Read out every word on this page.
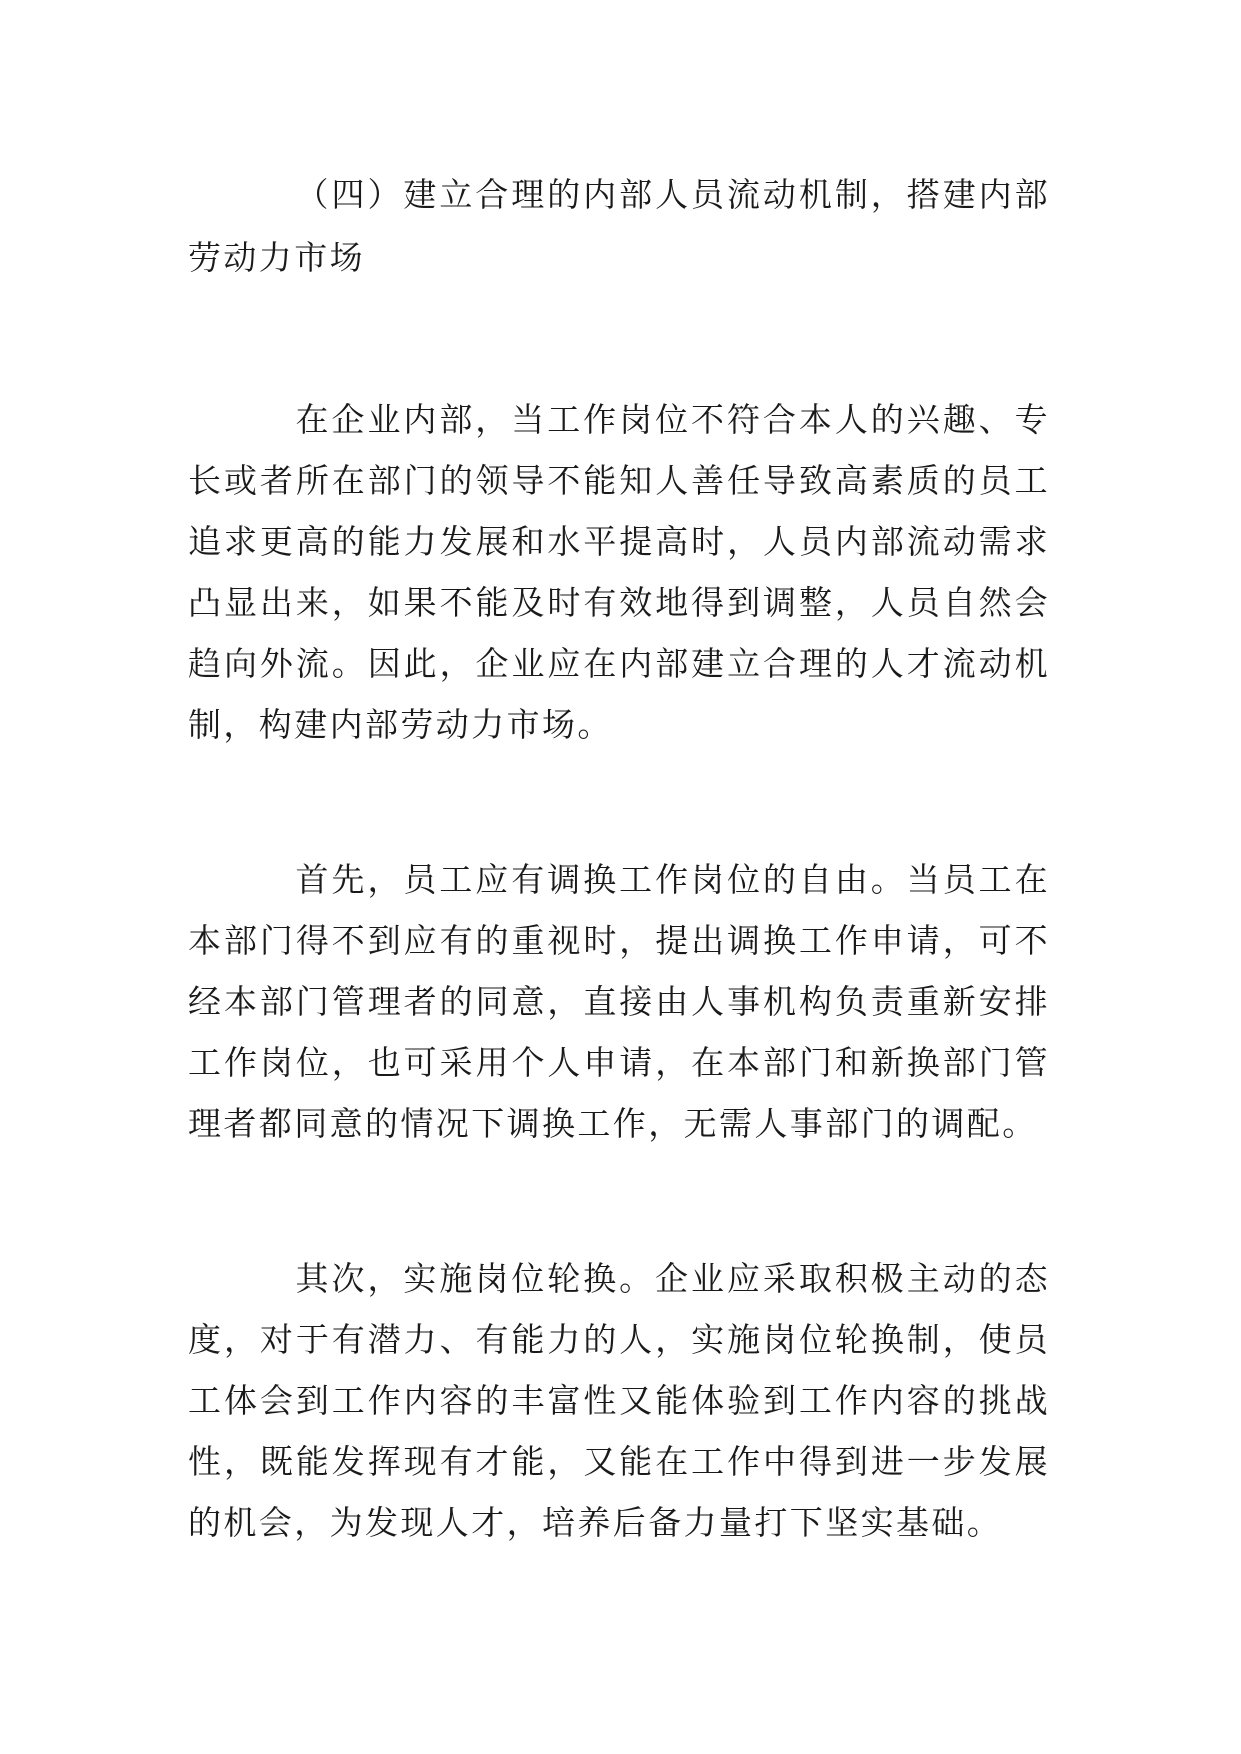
（四）建立合理的内部人员流动机制，搭建内部劳动力市场

在企业内部，当工作岗位不符合本人的兴趣、专长或者所在部门的领导不能知人善任导致高素质的员工追求更高的能力发展和水平提高时，人员内部流动需求凸显出来，如果不能及时有效地得到调整，人员自然会趋向外流。因此，企业应在内部建立合理的人才流动机制，构建内部劳动力市场。

首先，员工应有调换工作岗位的自由。当员工在本部门得不到应有的重视时，提出调换工作申请，可不经本部门管理者的同意，直接由人事机构负责重新安排工作岗位，也可采用个人申请，在本部门和新换部门管理者都同意的情况下调换工作，无需人事部门的调配。

其次，实施岗位轮换。企业应采取积极主动的态度，对于有潜力、有能力的人，实施岗位轮换制，使员工体会到工作内容的丰富性又能体验到工作内容的挑战性，既能发挥现有才能，又能在工作中得到进一步发展的机会，为发现人才，培养后备力量打下坚实基础。
